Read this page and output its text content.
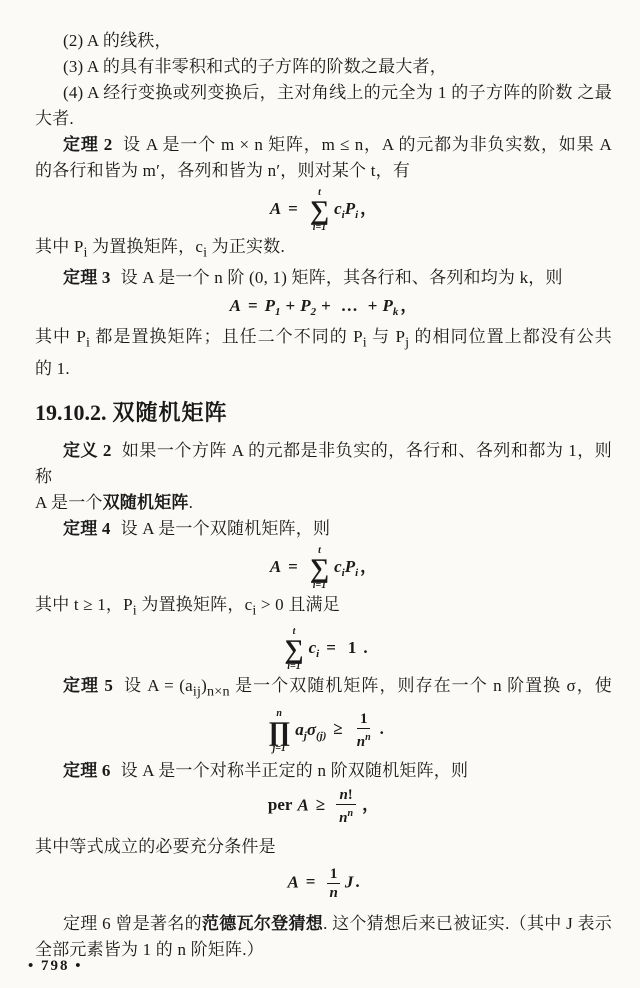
(2) A 的线秩，

(3) A 的具有非零积和式的子方阵的阶数之最大者，

(4) A 经行变换或列变换后，主对角线上的元全为 1 的子方阵的阶数 之最

大者.

定理 2 设 A 是一个 m × n 矩阵，m ≤ n，A 的元都为非负实数，如果 A

的各行和皆为 m′，各列和皆为 n′，则对某个 t，有

A =
t
∑
i=1
$c_iP_i$ ，

其中 $P_i$ 为置换矩阵，$c_i$ 为正实数.

定理 3 设 A 是一个 n 阶 (0, 1) 矩阵，其各行和、各列和均为 k，则

$A = P_1 + P_2$ + … + $P_k$ ，

其中 $P_i$ 都是置换矩阵；且任二个不同的 $P_i$ 与 $P_j$ 的相同位置上都没有公共

的 1.

19.10.2. 双随机矩阵

定义 2 如果一个方阵 A 的元都是非负实的，各行和、各列和都为 1，则称

A 是一个双随机矩阵.

定理 4 设 A 是一个双随机矩阵，则

A =
t
∑
i=1
$c_iP_i$ ，

其中 t ≥ 1，$P_i$ 为置换矩阵，$c_i > 0$ 且满足

t
∑
i=1
$c_i = 1$ .

定理 5 设 $A = (a_{ij})_{n\times n}$ 是一个双随机矩阵，则存在一个 n 阶置换 σ，使

n
∏
j=1
$a_j\sigma_{(j)} \ge \frac{1}{n^n}$ .

定理 6 设 A 是一个对称半正定的 n 阶双随机矩阵，则

per $A \ge \frac{n!}{n^n}$ ，

其中等式成立的必要充分条件是

$A = \frac{1}{n}$ J .

定理 6 曾是著名的范德瓦尔登猜想. 这个猜想后来已被证实.（其中 J 表示

全部元素皆为 1 的 n 阶矩阵.）

• 798 •
